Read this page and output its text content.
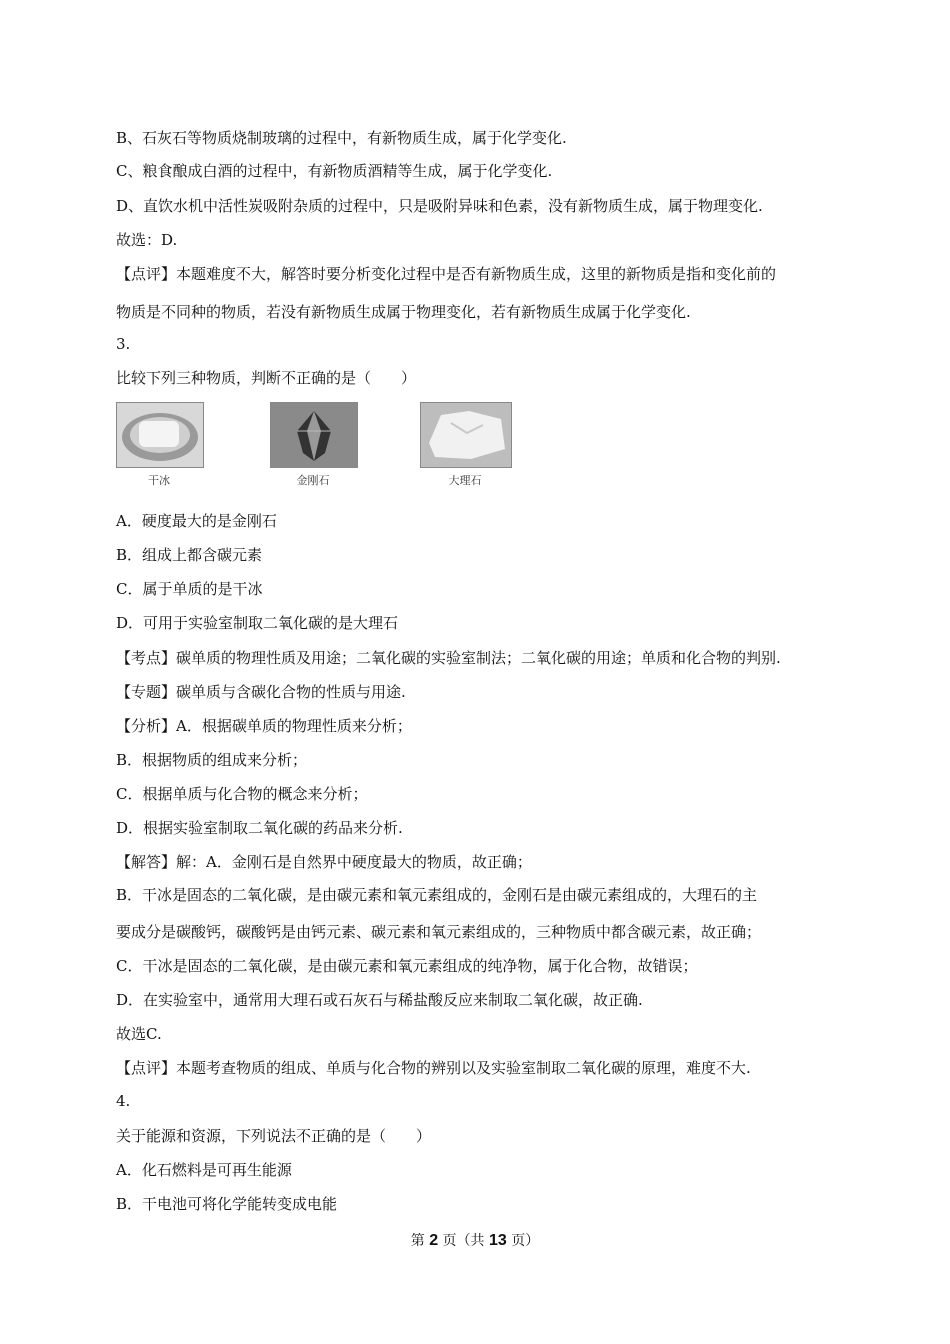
B、石灰石等物质烧制玻璃的过程中，有新物质生成，属于化学变化.
C、粮食酿成白酒的过程中，有新物质酒精等生成，属于化学变化.
D、直饮水机中活性炭吸附杂质的过程中，只是吸附异味和色素，没有新物质生成，属于物理变化.
故选：D.
【点评】本题难度不大，解答时要分析变化过程中是否有新物质生成，这里的新物质是指和变化前的
物质是不同种的物质，若没有新物质生成属于物理变化，若有新物质生成属于化学变化.
3.
比较下列三种物质，判断不正确的是（　　）
干冰	金刚石	大理石
A．硬度最大的是金刚石
B．组成上都含碳元素
C．属于单质的是干冰
D．可用于实验室制取二氧化碳的是大理石
【考点】碳单质的物理性质及用途；二氧化碳的实验室制法；二氧化碳的用途；单质和化合物的判别.
【专题】碳单质与含碳化合物的性质与用途.
【分析】A．根据碳单质的物理性质来分析；
B．根据物质的组成来分析；
C．根据单质与化合物的概念来分析；
D．根据实验室制取二氧化碳的药品来分析.
【解答】解：A．金刚石是自然界中硬度最大的物质，故正确；
B．干冰是固态的二氧化碳，是由碳元素和氧元素组成的，金刚石是由碳元素组成的，大理石的主
要成分是碳酸钙，碳酸钙是由钙元素、碳元素和氧元素组成的，三种物质中都含碳元素，故正确；
C．干冰是固态的二氧化碳，是由碳元素和氧元素组成的纯净物，属于化合物，故错误；
D．在实验室中，通常用大理石或石灰石与稀盐酸反应来制取二氧化碳，故正确.
故选C.
【点评】本题考查物质的组成、单质与化合物的辨别以及实验室制取二氧化碳的原理，难度不大.
4.
关于能源和资源，下列说法不正确的是（　　）
A．化石燃料是可再生能源
B．干电池可将化学能转变成电能
第 2 页（共 13 页）
